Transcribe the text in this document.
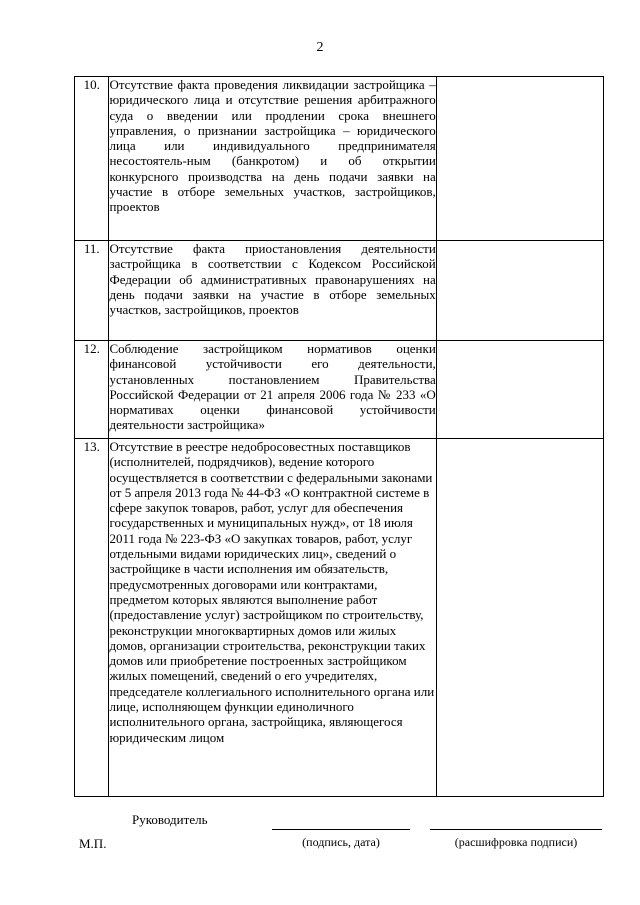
2
10.	Отсутствие факта проведения ликвидации застройщика – юридического лица и отсутствие решения арбитражного суда о введении или продлении срока внешнего управления, о признании застройщика – юридического лица или индивидуального предпринимателя несостоятель-ным (банкротом) и об открытии конкурсного производства на день подачи заявки на участие в отборе земельных участков, застройщиков, проектов	
11.	Отсутствие факта приостановления деятельности застройщика в соответствии с Кодексом Российской Федерации об административных правонарушениях на день подачи заявки на участие в отборе земельных участков, застройщиков, проектов	
12.	Соблюдение застройщиком нормативов оценки финансовой устойчивости его деятельности, установленных постановлением Правительства Российской Федерации от 21 апреля 2006 года № 233 «О нормативах оценки финансовой устойчивости деятельности застройщика»	
13.	Отсутствие в реестре недобросовестных поставщиков (исполнителей, подрядчиков), ведение которого осуществляется в соответствии с федеральными законами от 5 апреля 2013 года № 44-ФЗ «О контрактной системе в сфере закупок товаров, работ, услуг для обеспечения государственных и муниципальных нужд», от 18 июля 2011 года № 223-ФЗ «О закупках товаров, работ, услуг отдельными видами юридических лиц», сведений о застройщике в части исполнения им обязательств, предусмотренных договорами или контрактами, предметом которых являются выполнение работ (предоставление услуг) застройщиком по строительству, реконструкции многоквартирных домов или жилых домов, организации строительства, реконструкции таких домов или приобретение построенных застройщиком жилых помещений, сведений о его учредителях, председателе коллегиального исполнительного органа или лице, исполняющем функции единоличного исполнительного органа, застройщика, являющегося юридическим лицом	
Руководитель
М.П.	(подпись, дата)	(расшифровка подписи)
